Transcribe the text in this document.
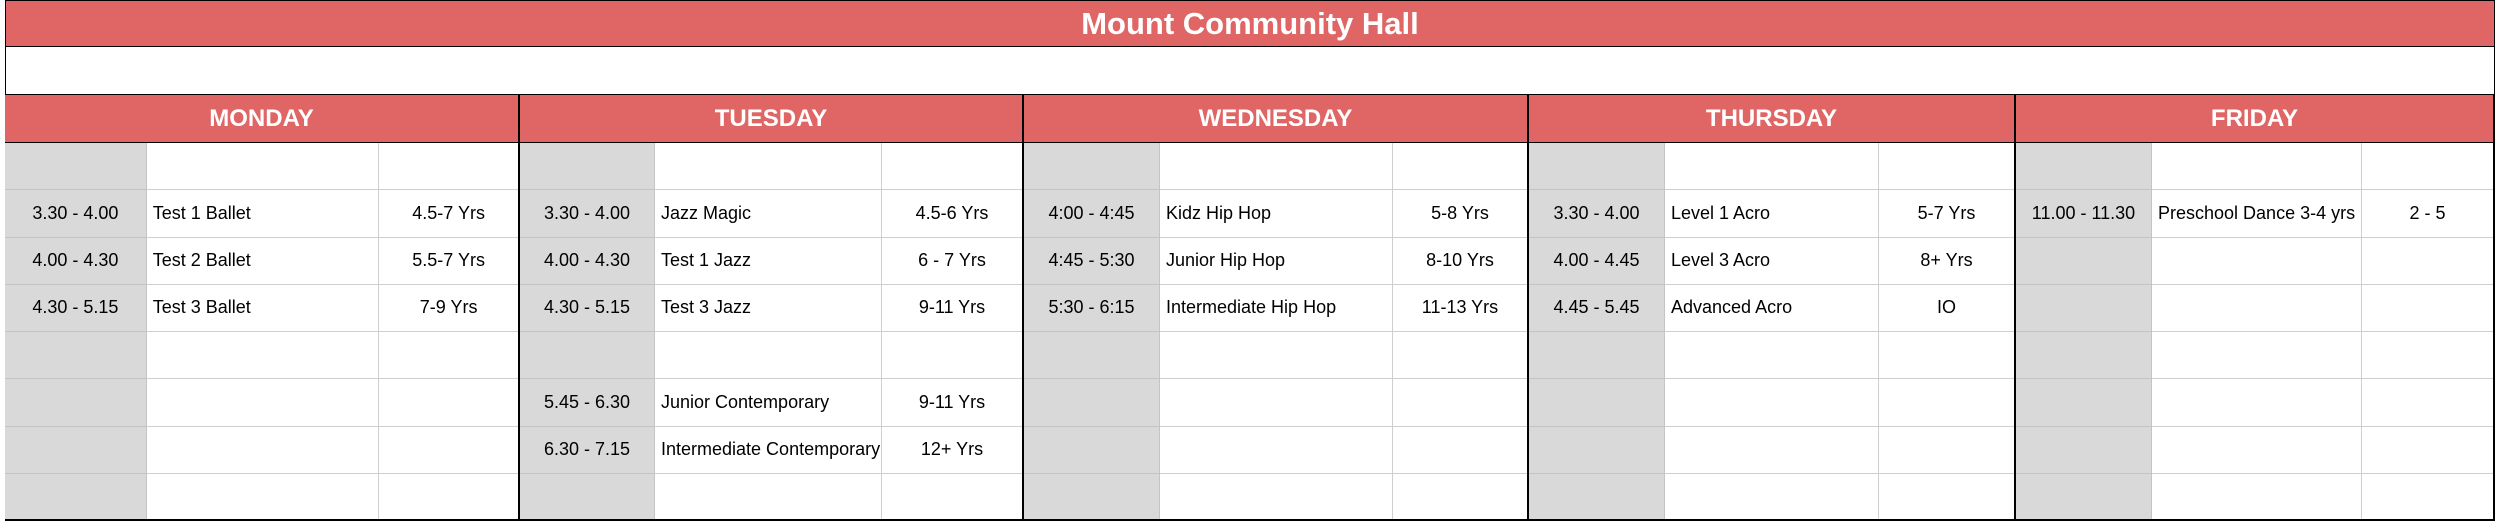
Mount Community Hall
MONDAY
3.30 - 4.00
4.00 - 4.30
4.30 - 5.15
Test 1 Ballet
Test 2 Ballet
Test 3 Ballet
4.5-7 Yrs
5.5-7 Yrs
7-9 Yrs
TUESDAY
3.30 - 4.00
4.00 - 4.30
4.30 - 5.15
5.45 - 6.30
6.30 - 7.15
Jazz Magic
Test 1 Jazz
Test 3 Jazz
Junior Contemporary
Intermediate Contemporary
4.5-6 Yrs
6 - 7 Yrs
9-11 Yrs
9-11 Yrs
12+ Yrs
WEDNESDAY
4:00 - 4:45
4:45 - 5:30
5:30 - 6:15
Kidz Hip Hop
Junior Hip Hop
Intermediate Hip Hop
5-8 Yrs
8-10 Yrs
11-13 Yrs
THURSDAY
3.30 - 4.00
4.00 - 4.45
4.45 - 5.45
Level 1 Acro
Level 3 Acro
Advanced Acro
5-7 Yrs
8+ Yrs
IO
FRIDAY
11.00 - 11.30	Preschool Dance 3-4 yrs	2 - 5
